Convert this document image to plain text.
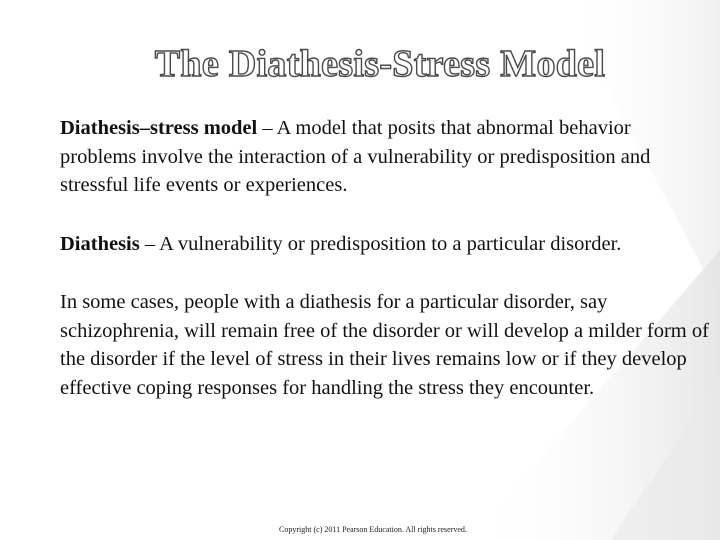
The Diathesis-Stress Model
Diathesis–stress model – A model that posits that abnormal behavior problems involve the interaction of a vulnerability or predisposition and stressful life events or experiences.
Diathesis – A vulnerability or predisposition to a particular disorder.
In some cases, people with a diathesis for a particular disorder, say schizophrenia, will remain free of the disorder or will develop a milder form of the disorder if the level of stress in their lives remains low or if they develop effective coping responses for handling the stress they encounter.
Copyright (c) 2011 Pearson Education. All rights reserved.
